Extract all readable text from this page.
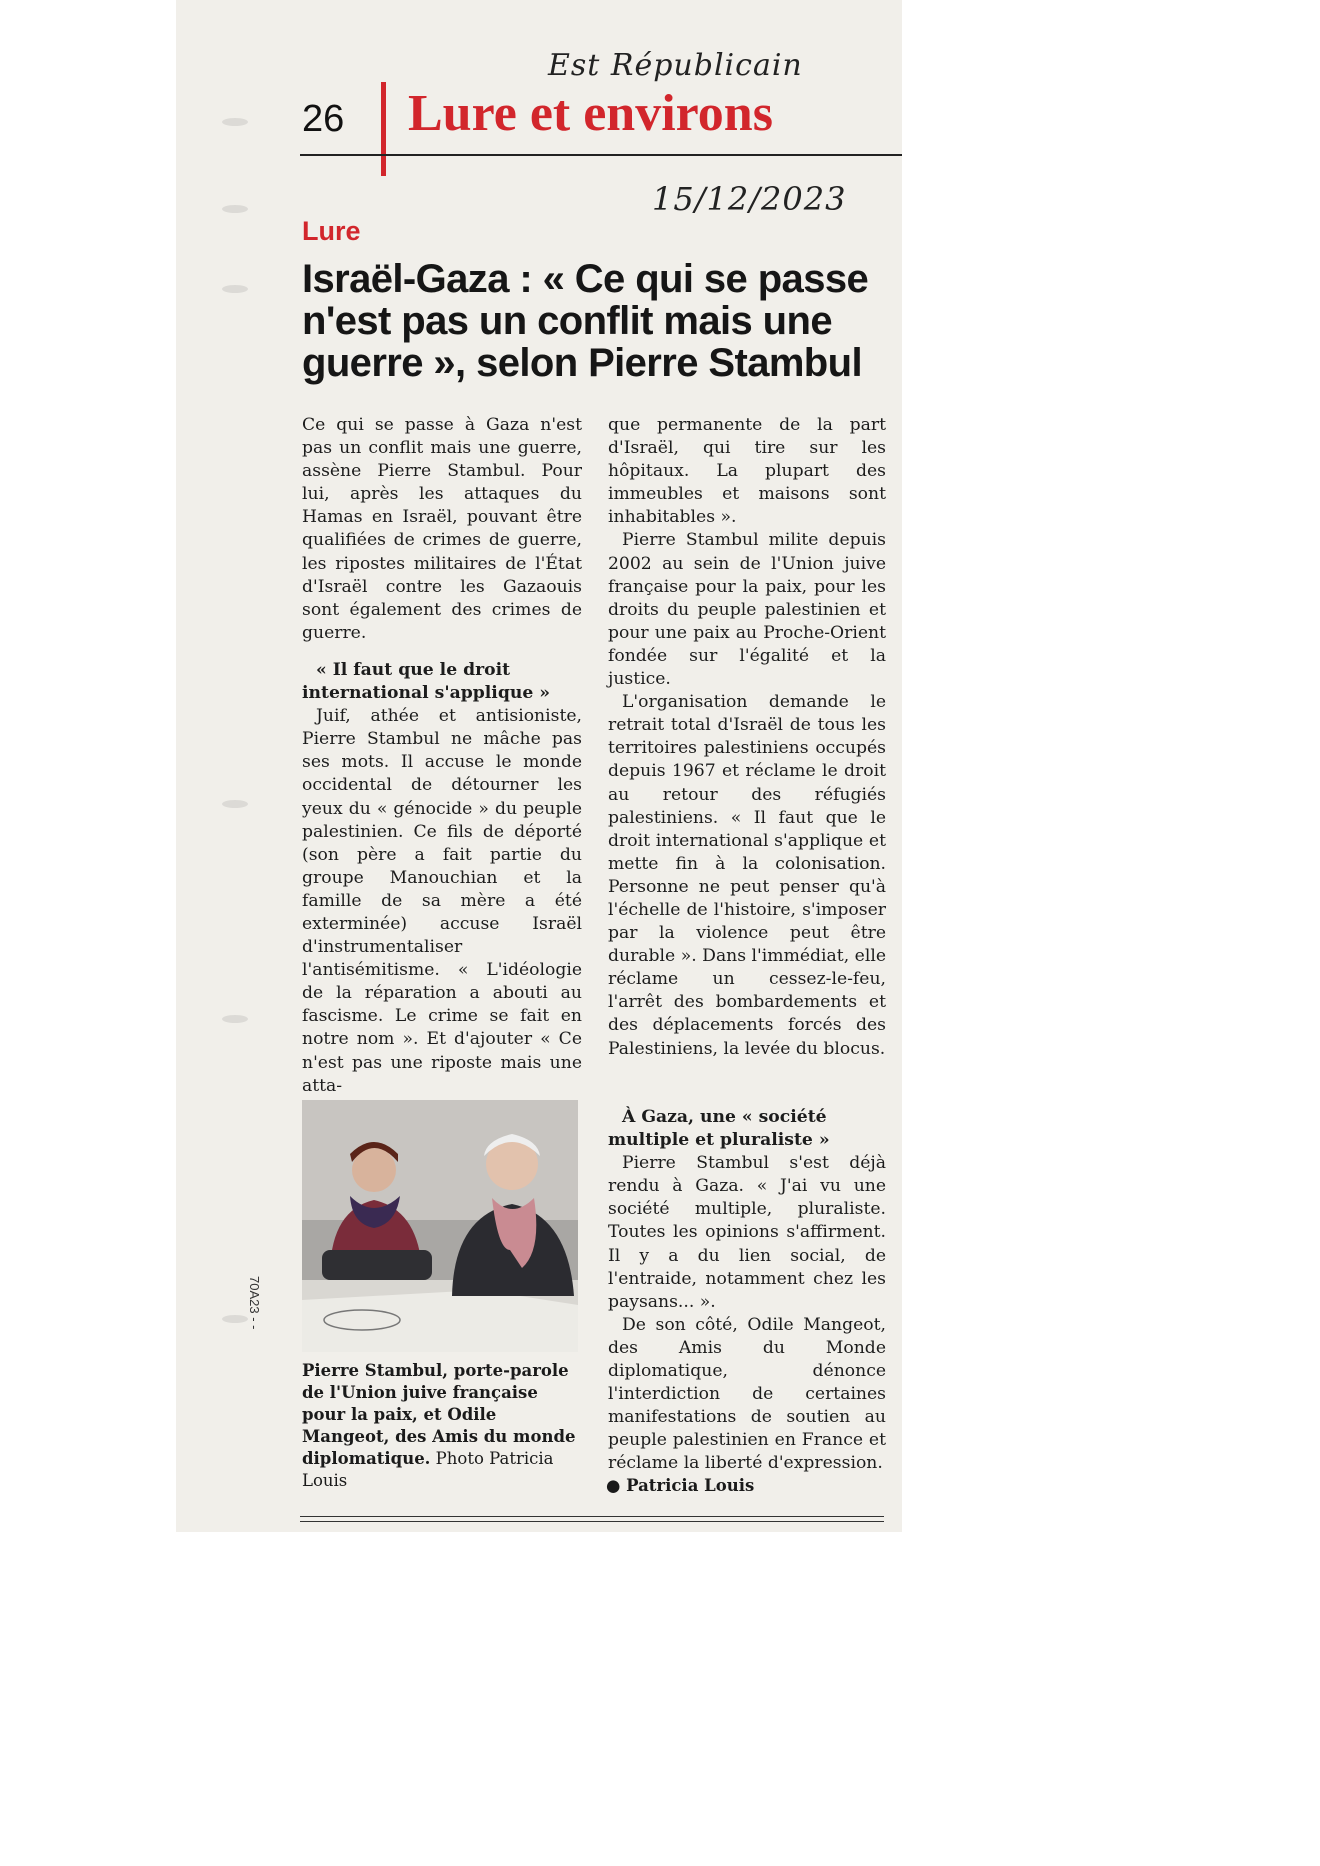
Est Républicain
15/12/2023
26 Lure et environs
Lure
Israël-Gaza : « Ce qui se passe n'est pas un conflit mais une guerre », selon Pierre Stambul

Ce qui se passe à Gaza n'est pas un conflit mais une guerre, assène Pierre Stambul. Pour lui, après les attaques du Hamas en Israël, pouvant être qualifiées de crimes de guerre, les ripostes militaires de l'État d'Israël contre les Gazaouis sont également des crimes de guerre.

« Il faut que le droit international s'applique »

Juif, athée et antisioniste, Pierre Stambul ne mâche pas ses mots. Il accuse le monde occidental de détourner les yeux du « génocide » du peuple palestinien. Ce fils de déporté (son père a fait partie du groupe Manouchian et la famille de sa mère a été exterminée) accuse Israël d'instrumentaliser l'antisémitisme. « L'idéologie de la réparation a abouti au fascisme. Le crime se fait en notre nom ». Et d'ajouter « Ce n'est pas une riposte mais une atta-

que permanente de la part d'Israël, qui tire sur les hôpitaux. La plupart des immeubles et maisons sont inhabitables ».

Pierre Stambul milite depuis 2002 au sein de l'Union juive française pour la paix, pour les droits du peuple palestinien et pour une paix au Proche-Orient fondée sur l'égalité et la justice.

L'organisation demande le retrait total d'Israël de tous les territoires palestiniens occupés depuis 1967 et réclame le droit au retour des réfugiés palestiniens. « Il faut que le droit international s'applique et mette fin à la colonisation. Personne ne peut penser qu'à l'échelle de l'histoire, s'imposer par la violence peut être durable ». Dans l'immédiat, elle réclame un cessez-le-feu, l'arrêt des bombardements et des déplacements forcés des Palestiniens, la levée du blocus.

À Gaza, une « société multiple et pluraliste »

Pierre Stambul s'est déjà rendu à Gaza. « J'ai vu une société multiple, pluraliste. Toutes les opinions s'affirment. Il y a du lien social, de l'entraide, notamment chez les paysans... ».

De son côté, Odile Mangeot, des Amis du Monde diplomatique, dénonce l'interdiction de certaines manifestations de soutien au peuple palestinien en France et réclame la liberté d'expression.

Pierre Stambul, porte-parole de l'Union juive française pour la paix, et Odile Mangeot, des Amis du monde diplomatique. Photo Patricia Louis	● Patricia Louis
70A23 - -
